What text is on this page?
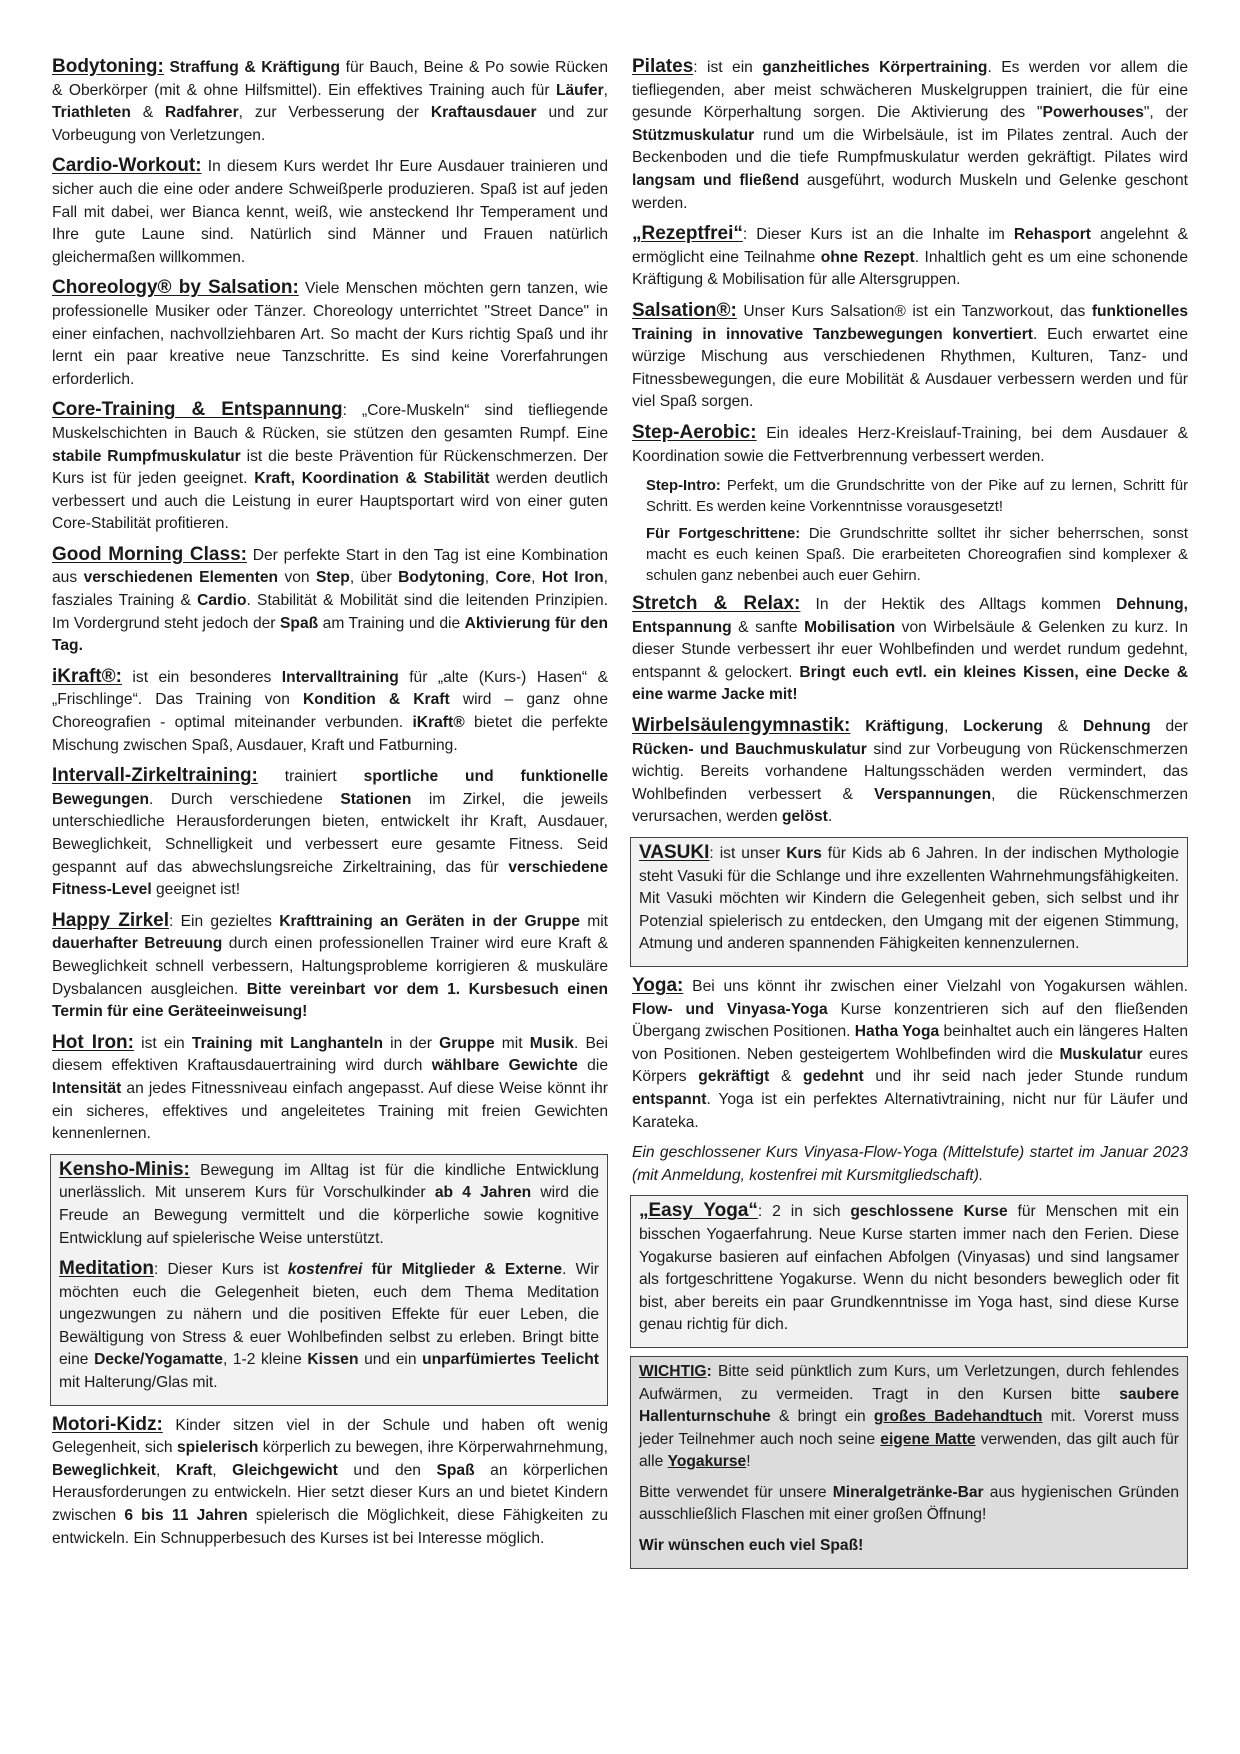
Bodytoning: Straffung & Kräftigung für Bauch, Beine & Po sowie Rücken & Oberkörper (mit & ohne Hilfsmittel). Ein effektives Training auch für Läufer, Triathleten & Radfahrer, zur Verbesserung der Kraftausdauer und zur Vorbeugung von Verletzungen.
Cardio-Workout: In diesem Kurs werdet Ihr Eure Ausdauer trainieren und sicher auch die eine oder andere Schweißperle produzieren. Spaß ist auf jeden Fall mit dabei, wer Bianca kennt, weiß, wie ansteckend Ihr Temperament und Ihre gute Laune sind. Natürlich sind Männer und Frauen natürlich gleichermaßen willkommen.
Choreology® by Salsation: Viele Menschen möchten gern tanzen, wie professionelle Musiker oder Tänzer. Choreology unterrichtet "Street Dance" in einer einfachen, nachvollziehbaren Art. So macht der Kurs richtig Spaß und ihr lernt ein paar kreative neue Tanzschritte. Es sind keine Vorerfahrungen erforderlich.
Core-Training & Entspannung: „Core-Muskeln“ sind tiefliegende Muskelschichten in Bauch & Rücken, sie stützen den gesamten Rumpf. Eine stabile Rumpfmuskulatur ist die beste Prävention für Rückenschmerzen. Der Kurs ist für jeden geeignet. Kraft, Koordination & Stabilität werden deutlich verbessert und auch die Leistung in eurer Hauptsportart wird von einer guten Core-Stabilität profitieren.
Good Morning Class: Der perfekte Start in den Tag ist eine Kombination aus verschiedenen Elementen von Step, über Bodytoning, Core, Hot Iron, fasziales Training & Cardio. Stabilität & Mobilität sind die leitenden Prinzipien. Im Vordergrund steht jedoch der Spaß am Training und die Aktivierung für den Tag.
iKraft®: ist ein besonderes Intervalltraining für „alte (Kurs-) Hasen“ & „Frischlinge“. Das Training von Kondition & Kraft wird – ganz ohne Choreografien - optimal miteinander verbunden. iKraft® bietet die perfekte Mischung zwischen Spaß, Ausdauer, Kraft und Fatburning.
Intervall-Zirkeltraining: trainiert sportliche und funktionelle Bewegungen. Durch verschiedene Stationen im Zirkel, die jeweils unterschiedliche Herausforderungen bieten, entwickelt ihr Kraft, Ausdauer, Beweglichkeit, Schnelligkeit und verbessert eure gesamte Fitness. Seid gespannt auf das abwechslungsreiche Zirkeltraining, das für verschiedene Fitness-Level geeignet ist!
Happy Zirkel: Ein gezieltes Krafttraining an Geräten in der Gruppe mit dauerhafter Betreuung durch einen professionellen Trainer wird eure Kraft & Beweglichkeit schnell verbessern, Haltungsprobleme korrigieren & muskuläre Dysbalancen ausgleichen. Bitte vereinbart vor dem 1. Kursbesuch einen Termin für eine Geräteeinweisung!
Hot Iron: ist ein Training mit Langhanteln in der Gruppe mit Musik. Bei diesem effektiven Kraftausdauertraining wird durch wählbare Gewichte die Intensität an jedes Fitnessniveau einfach angepasst. Auf diese Weise könnt ihr ein sicheres, effektives und angeleitetes Training mit freien Gewichten kennenlernen.
Kensho-Minis: Bewegung im Alltag ist für die kindliche Entwicklung unerlässlich. Mit unserem Kurs für Vorschulkinder ab 4 Jahren wird die Freude an Bewegung vermittelt und die körperliche sowie kognitive Entwicklung auf spielerische Weise unterstützt.
Meditation: Dieser Kurs ist kostenfrei für Mitglieder & Externe. Wir möchten euch die Gelegenheit bieten, euch dem Thema Meditation ungezwungen zu nähern und die positiven Effekte für euer Leben, die Bewältigung von Stress & euer Wohlbefinden selbst zu erleben. Bringt bitte eine Decke/Yogamatte, 1-2 kleine Kissen und ein unparfümiertes Teelicht mit Halterung/Glas mit.
Motori-Kidz: Kinder sitzen viel in der Schule und haben oft wenig Gelegenheit, sich spielerisch körperlich zu bewegen, ihre Körperwahrnehmung, Beweglichkeit, Kraft, Gleichgewicht und den Spaß an körperlichen Herausforderungen zu entwickeln. Hier setzt dieser Kurs an und bietet Kindern zwischen 6 bis 11 Jahren spielerisch die Möglichkeit, diese Fähigkeiten zu entwickeln. Ein Schnupperbesuch des Kurses ist bei Interesse möglich.
Pilates: ist ein ganzheitliches Körpertraining. Es werden vor allem die tiefliegenden, aber meist schwächeren Muskelgruppen trainiert, die für eine gesunde Körperhaltung sorgen. Die Aktivierung des "Powerhouses", der Stützmuskulatur rund um die Wirbelsäule, ist im Pilates zentral. Auch der Beckenboden und die tiefe Rumpfmuskulatur werden gekräftigt. Pilates wird langsam und fließend ausgeführt, wodurch Muskeln und Gelenke geschont werden.
„Rezeptfrei“: Dieser Kurs ist an die Inhalte im Rehasport angelehnt & ermöglicht eine Teilnahme ohne Rezept. Inhaltlich geht es um eine schonende Kräftigung & Mobilisation für alle Altersgruppen.
Salsation®: Unser Kurs Salsation® ist ein Tanzworkout, das funktionelles Training in innovative Tanzbewegungen konvertiert. Euch erwartet eine würzige Mischung aus verschiedenen Rhythmen, Kulturen, Tanz- und Fitnessbewegungen, die eure Mobilität & Ausdauer verbessern werden und für viel Spaß sorgen.
Step-Aerobic: Ein ideales Herz-Kreislauf-Training, bei dem Ausdauer & Koordination sowie die Fettverbrennung verbessert werden.
Step-Intro: Perfekt, um die Grundschritte von der Pike auf zu lernen, Schritt für Schritt. Es werden keine Vorkenntnisse vorausgesetzt!
Für Fortgeschrittene: Die Grundschritte solltet ihr sicher beherrschen, sonst macht es euch keinen Spaß. Die erarbeiteten Choreografien sind komplexer & schulen ganz nebenbei auch euer Gehirn.
Stretch & Relax: In der Hektik des Alltags kommen Dehnung, Entspannung & sanfte Mobilisation von Wirbelsäule & Gelenken zu kurz. In dieser Stunde verbessert ihr euer Wohlbefinden und werdet rundum gedehnt, entspannt & gelockert. Bringt euch evtl. ein kleines Kissen, eine Decke & eine warme Jacke mit!
Wirbelsäulengymnastik: Kräftigung, Lockerung & Dehnung der Rücken- und Bauchmuskulatur sind zur Vorbeugung von Rückenschmerzen wichtig. Bereits vorhandene Haltungsschäden werden vermindert, das Wohlbefinden verbessert & Verspannungen, die Rückenschmerzen verursachen, werden gelöst.
VASUKI: ist unser Kurs für Kids ab 6 Jahren. In der indischen Mythologie steht Vasuki für die Schlange und ihre exzellenten Wahrnehmungsfähigkeiten. Mit Vasuki möchten wir Kindern die Gelegenheit geben, sich selbst und ihr Potenzial spielerisch zu entdecken, den Umgang mit der eigenen Stimmung, Atmung und anderen spannenden Fähigkeiten kennenzulernen.
Yoga: Bei uns könnt ihr zwischen einer Vielzahl von Yogakursen wählen. Flow- und Vinyasa-Yoga Kurse konzentrieren sich auf den fließenden Übergang zwischen Positionen. Hatha Yoga beinhaltet auch ein längeres Halten von Positionen. Neben gesteigertem Wohlbefinden wird die Muskulatur eures Körpers gekräftigt & gedehnt und ihr seid nach jeder Stunde rundum entspannt. Yoga ist ein perfektes Alternativtraining, nicht nur für Läufer und Karateka.
Ein geschlossener Kurs Vinyasa-Flow-Yoga (Mittelstufe) startet im Januar 2023 (mit Anmeldung, kostenfrei mit Kursmitgliedschaft).
„Easy Yoga“: 2 in sich geschlossene Kurse für Menschen mit ein bisschen Yogaerfahrung. Neue Kurse starten immer nach den Ferien. Diese Yogakurse basieren auf einfachen Abfolgen (Vinyasas) und sind langsamer als fortgeschrittene Yogakurse. Wenn du nicht besonders beweglich oder fit bist, aber bereits ein paar Grundkenntnisse im Yoga hast, sind diese Kurse genau richtig für dich.
WICHTIG: Bitte seid pünktlich zum Kurs, um Verletzungen, durch fehlendes Aufwärmen, zu vermeiden. Tragt in den Kursen bitte saubere Hallenturnschuhe & bringt ein großes Badehandtuch mit. Vorerst muss jeder Teilnehmer auch noch seine eigene Matte verwenden, das gilt auch für alle Yogakurse!
Bitte verwendet für unsere Mineralgetränke-Bar aus hygienischen Gründen ausschließlich Flaschen mit einer großen Öffnung!
Wir wünschen euch viel Spaß!
